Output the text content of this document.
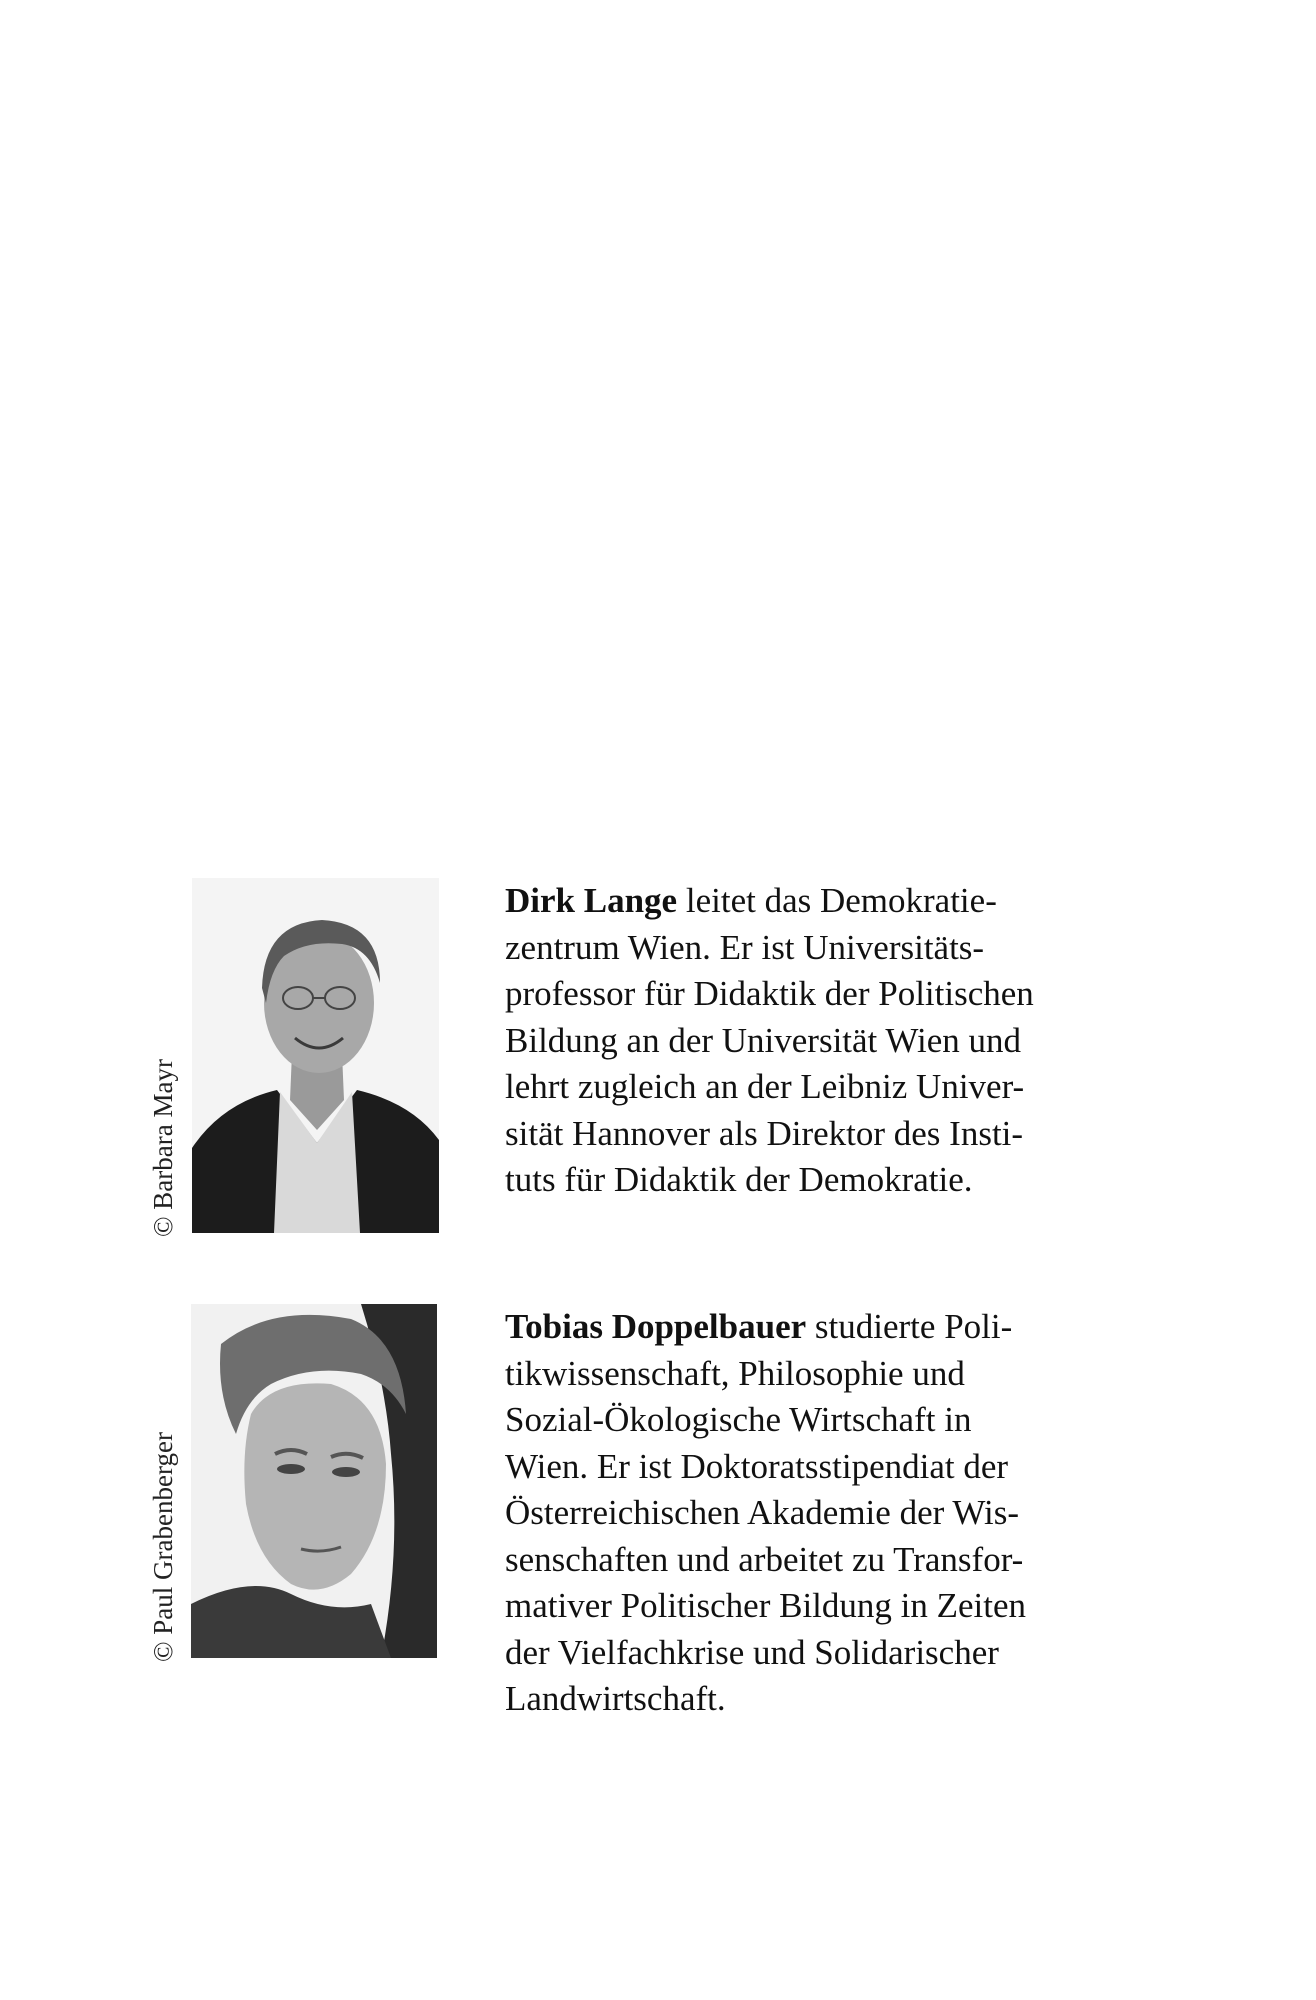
© Barbara Mayr
Dirk Lange leitet das Demokratie-
zentrum Wien. Er ist Universitäts-
professor für Didaktik der Politischen
Bildung an der Universität Wien und
lehrt zugleich an der Leibniz Univer-
sität Hannover als Direktor des Insti-
tuts für Didaktik der Demokratie.
© Paul Grabenberger
Tobias Doppelbauer studierte Poli-
tikwissenschaft, Philosophie und
Sozial-Ökologische Wirtschaft in
Wien. Er ist Doktoratsstipendiat der
Österreichischen Akademie der Wis-
senschaften und arbeitet zu Transfor-
mativer Politischer Bildung in Zeiten
der Vielfachkrise und Solidarischer
Landwirtschaft.
